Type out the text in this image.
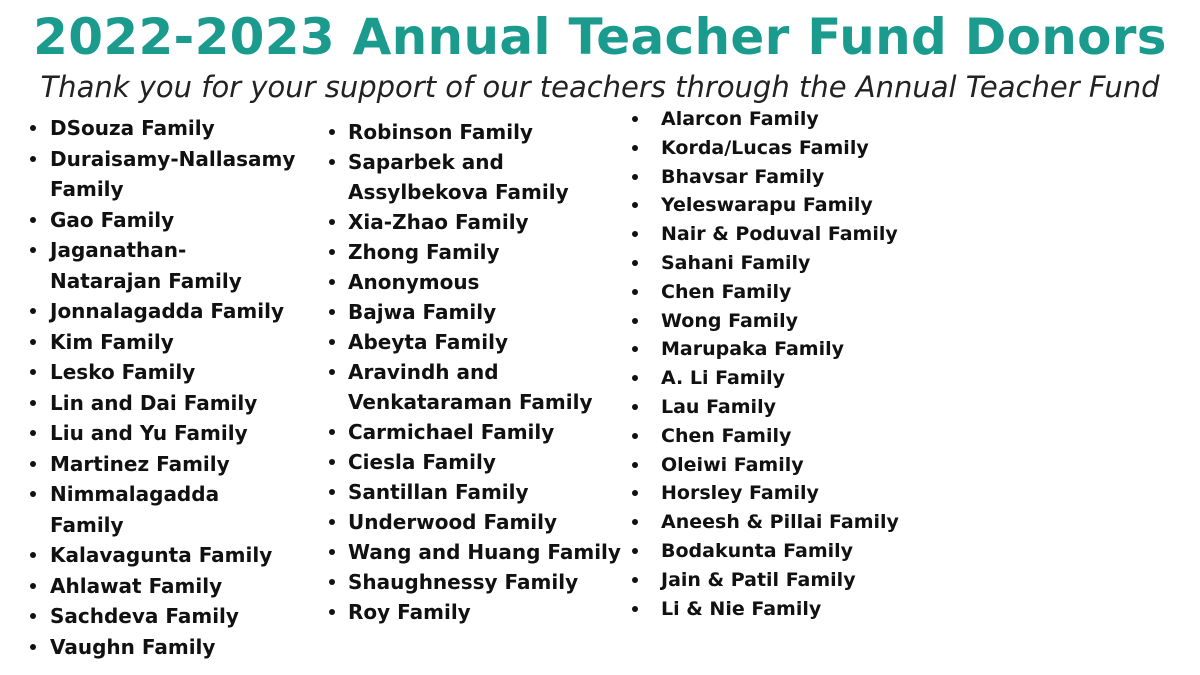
2022-2023 Annual Teacher Fund Donors
Thank you for your support of our teachers through the Annual Teacher Fund
DSouza Family
Duraisamy-Nallasamy
Family
Gao Family
Jaganathan-
Natarajan Family
Jonnalagadda Family
Kim Family
Lesko Family
Lin and Dai Family
Liu and Yu Family
Martinez Family
Nimmalagadda
Family
Kalavagunta Family
Ahlawat Family
Sachdeva Family
Vaughn Family
Robinson Family
Saparbek and
Assylbekova Family
Xia-Zhao Family
Zhong Family
Anonymous
Bajwa Family
Abeyta Family
Aravindh and
Venkataraman Family
Carmichael Family
Ciesla Family
Santillan Family
Underwood Family
Wang and Huang Family
Shaughnessy Family
Roy Family
Alarcon Family
Korda/Lucas Family
Bhavsar Family
Yeleswarapu Family
Nair & Poduval Family
Sahani Family
Chen Family
Wong Family
Marupaka Family
A. Li Family
Lau Family
Chen Family
Oleiwi Family
Horsley Family
Aneesh & Pillai Family
Bodakunta Family
Jain & Patil Family
Li & Nie Family
